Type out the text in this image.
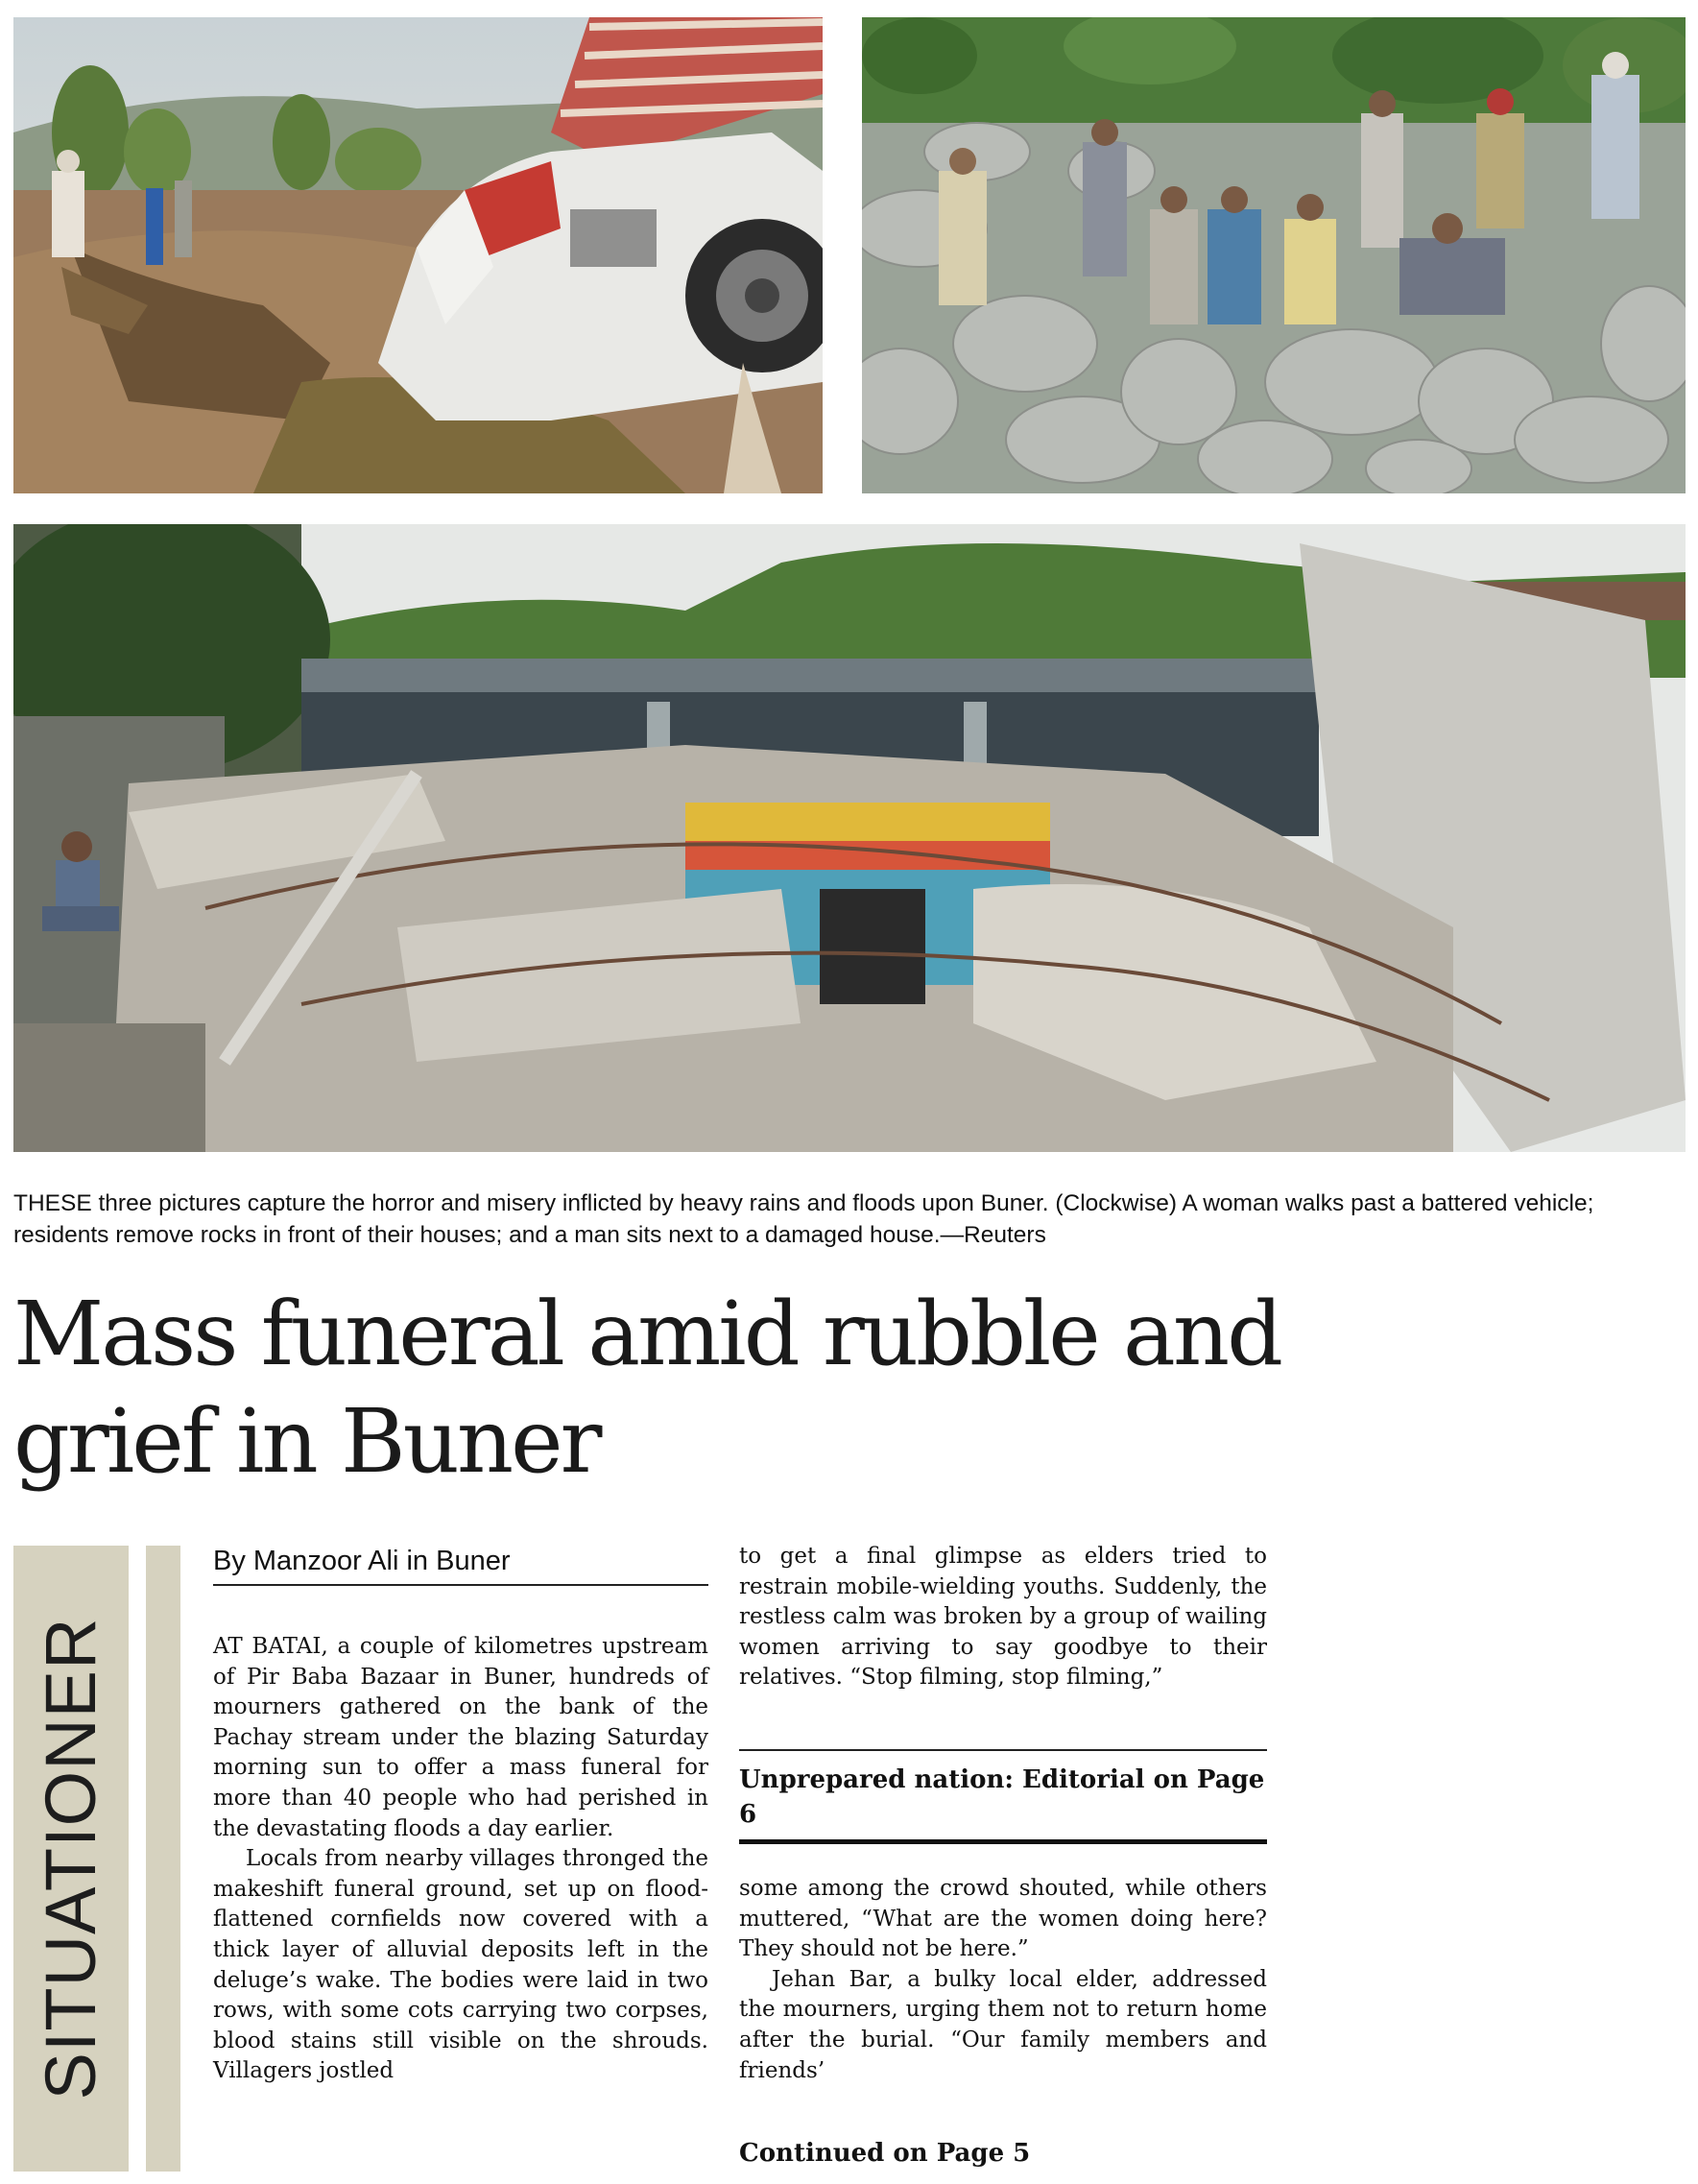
THESE three pictures capture the horror and misery inflicted by heavy rains and floods upon Buner. (Clockwise) A woman walks past a battered vehicle; residents remove rocks in front of their houses; and a man sits next to a damaged house.—Reuters
Mass funeral amid rubble and grief in Buner
SITUATIONER
By Manzoor Ali in Buner

AT BATAI, a couple of kilometres upstream of Pir Baba Bazaar in Buner, hundreds of mourners gathered on the bank of the Pachay stream under the blazing Saturday morning sun to offer a mass funeral for more than 40 people who had perished in the devastating floods a day earlier.

Locals from nearby villages thronged the makeshift funeral ground, set up on flood-flattened cornfields now covered with a thick layer of alluvial deposits left in the deluge’s wake. The bodies were laid in two rows, with some cots carrying two corpses, blood stains still visible on the shrouds. Villagers jostled

to get a final glimpse as elders tried to restrain mobile-wielding youths. Suddenly, the restless calm was broken by a group of wailing women arriving to say goodbye to their relatives. “Stop filming, stop filming,”

Unprepared nation: Editorial on Page 6

some among the crowd shouted, while others muttered, “What are the women doing here? They should not be here.”

Jehan Bar, a bulky local elder, addressed the mourners, urging them not to return home after the burial. “Our family members and friends’

Continued on Page 5
